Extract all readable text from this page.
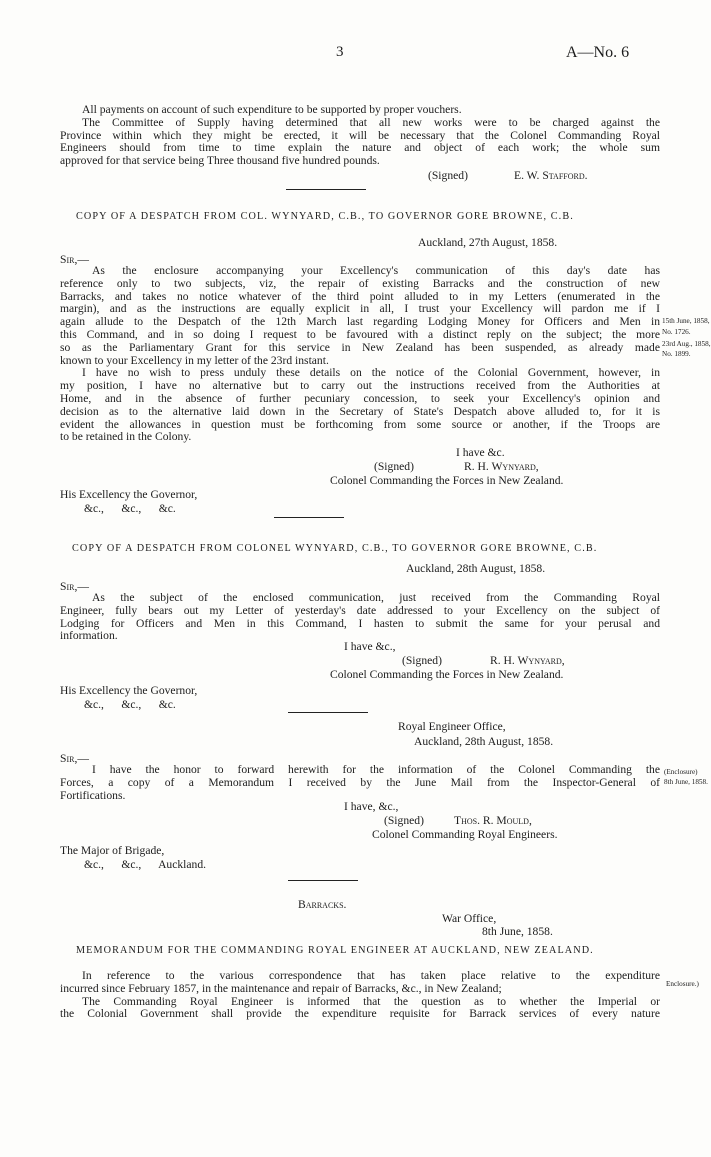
3	A—No. 6
All payments on account of such expenditure to be supported by proper vouchers.
The Committee of Supply having determined that all new works were to be charged against the
Province within which they might be erected, it will be necessary that the Colonel Commanding Royal
Engineers should from time to time explain the nature and object of each work; the whole sum
approved for that service being Three thousand five hundred pounds.
(Signed)	E. W. Stafford.
COPY OF A DESPATCH FROM COL. WYNYARD, C.B., TO GOVERNOR GORE BROWNE, C.B.
Auckland, 27th August, 1858.
Sir,—
As the enclosure accompanying your Excellency's communication of this day's date has
reference only to two subjects, viz, the repair of existing Barracks and the construction of new
Barracks, and takes no notice whatever of the third point alluded to in my Letters (enumerated in the
margin), and as the instructions are equally explicit in all, I trust your Excellency will pardon me if I
again allude to the Despatch of the 12th March last regarding Lodging Money for Officers and Men in
this Command, and in so doing I request to be favoured with a distinct reply on the subject; the more
so as the Parliamentary Grant for this service in New Zealand has been suspended, as already made
known to your Excellency in my letter of the 23rd instant.
I have no wish to press unduly these details on the notice of the Colonial Government, however, in
my position, I have no alternative but to carry out the instructions received from the Authorities at
Home, and in the absence of further pecuniary concession, to seek your Excellency's opinion and
decision as to the alternative laid down in the Secretary of State's Despatch above alluded to, for it is
evident the allowances in question must be forthcoming from some source or another, if the Troops are
to be retained in the Colony.
15th June, 1858,
No. 1726.
23rd Aug., 1858,
No. 1899.
I have &c.
(Signed)	R. H. Wynyard,
Colonel Commanding the Forces in New Zealand.
His Excellency the Governor,
&c.,      &c.,      &c.
COPY OF A DESPATCH FROM COLONEL WYNYARD, C.B., TO GOVERNOR GORE BROWNE, C.B.
Auckland, 28th August, 1858.
Sir,—
As the subject of the enclosed communication, just received from the Commanding Royal
Engineer, fully bears out my Letter of yesterday's date addressed to your Excellency on the subject of
Lodging for Officers and Men in this Command, I hasten to submit the same for your perusal and
information.
I have &c.,
(Signed)	R. H. Wynyard,
Colonel Commanding the Forces in New Zealand.
His Excellency the Governor,
&c.,      &c.,      &c.
Royal Engineer Office,
Auckland, 28th August, 1858.
Sir,—
I have the honor to forward herewith for the information of the Colonel Commanding the
Forces, a copy of a Memorandum I received by the June Mail from the Inspector-General of
Fortifications.
(Enclosure)
8th June, 1858.
I have, &c.,
(Signed)	Thos. R. Mould,
Colonel Commanding Royal Engineers.
The Major of Brigade,
&c.,      &c.,      Auckland.
Barracks.
War Office,
8th June, 1858.
MEMORANDUM FOR THE COMMANDING ROYAL ENGINEER AT AUCKLAND, NEW ZEALAND.
In reference to the various correspondence that has taken place relative to the expenditure
incurred since February 1857, in the maintenance and repair of Barracks, &c., in New Zealand;
The Commanding Royal Engineer is informed that the question as to whether the Imperial or
the Colonial Government shall provide the expenditure requisite for Barrack services of every nature
Enclosure.)
